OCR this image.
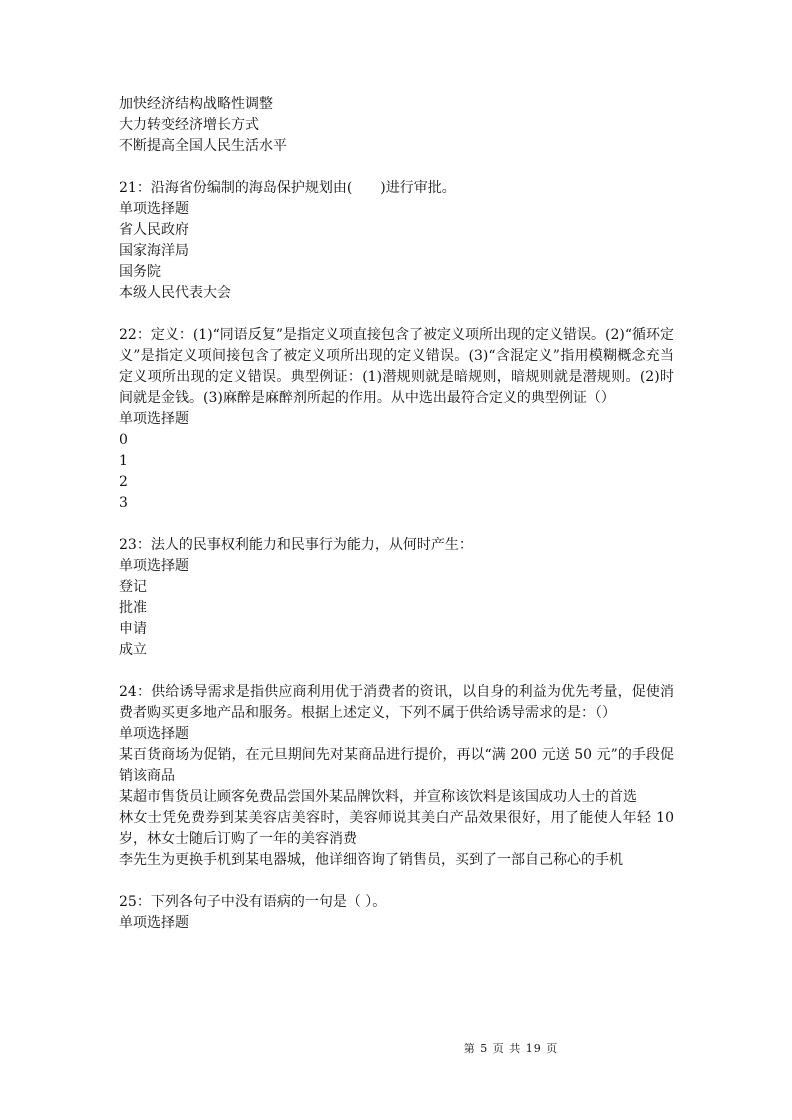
加快经济结构战略性调整
大力转变经济增长方式
不断提高全国人民生活水平
21：沿海省份编制的海岛保护规划由(　　)进行审批。
单项选择题
省人民政府
国家海洋局
国务院
本级人民代表大会
22：定义：(1)“同语反复”是指定义项直接包含了被定义项所出现的定义错误。(2)“循环定义”是指定义项间接包含了被定义项所出现的定义错误。(3)“含混定义”指用模糊概念充当定义项所出现的定义错误。典型例证：(1)潜规则就是暗规则，暗规则就是潜规则。(2)时间就是金钱。(3)麻醉是麻醉剂所起的作用。从中选出最符合定义的典型例证（）
单项选择题
0
1
2
3
23：法人的民事权利能力和民事行为能力，从何时产生：
单项选择题
登记
批准
申请
成立
24：供给诱导需求是指供应商利用优于消费者的资讯，以自身的利益为优先考量，促使消费者购买更多地产品和服务。根据上述定义，下列不属于供给诱导需求的是：（）
单项选择题
某百货商场为促销，在元旦期间先对某商品进行提价，再以“满 200 元送 50 元”的手段促销该商品
某超市售货员让顾客免费品尝国外某品牌饮料，并宣称该饮料是该国成功人士的首选
林女士凭免费券到某美容店美容时，美容师说其美白产品效果很好，用了能使人年轻 10 岁，林女士随后订购了一年的美容消费
李先生为更换手机到某电器城，他详细咨询了销售员，买到了一部自己称心的手机
25：下列各句子中没有语病的一句是（ ）。
单项选择题
第 5 页 共 19 页
